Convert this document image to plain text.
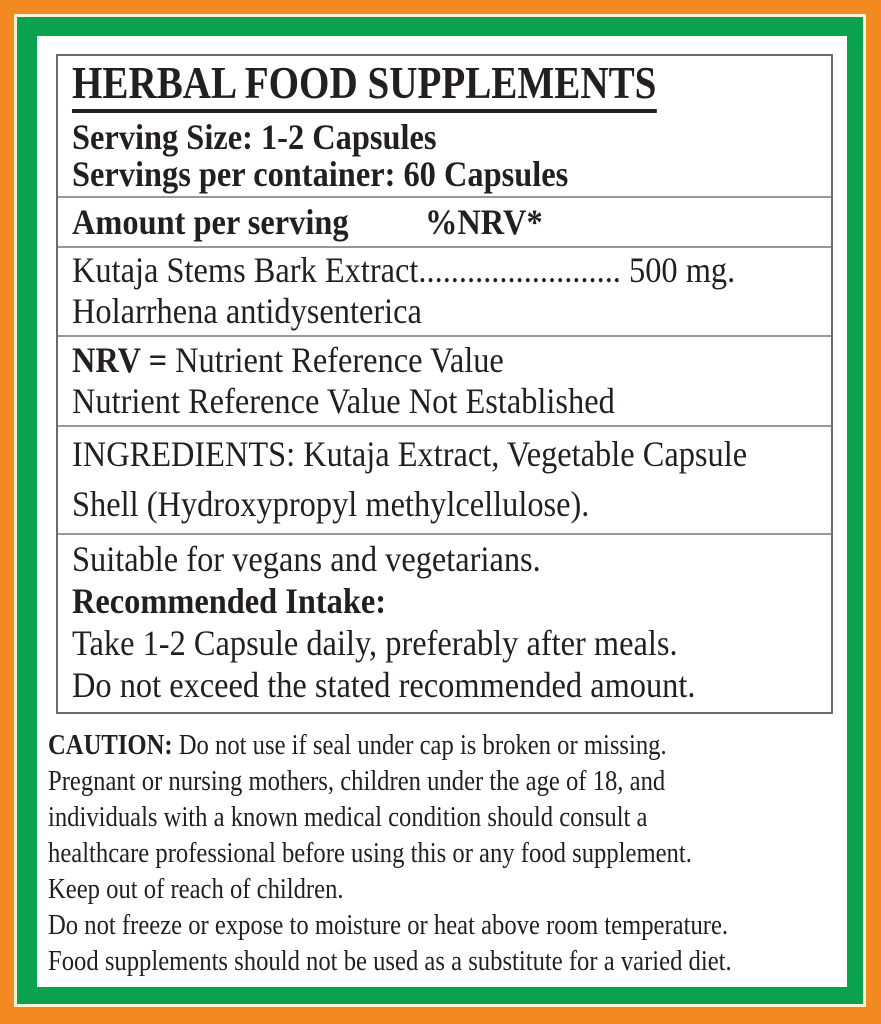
HERBAL FOOD SUPPLEMENTS
Serving Size: 1-2 Capsules
Servings per container: 60 Capsules
Amount per serving %NRV*
Kutaja Stems Bark Extract......................... 500 mg.
Holarrhena antidysenterica
NRV = Nutrient Reference Value
Nutrient Reference Value Not Established
INGREDIENTS: Kutaja Extract, Vegetable Capsule
Shell (Hydroxypropyl methylcellulose).
Suitable for vegans and vegetarians.
Recommended Intake:
Take 1-2 Capsule daily, preferably after meals.
Do not exceed the stated recommended amount.
CAUTION: Do not use if seal under cap is broken or missing.
Pregnant or nursing mothers, children under the age of 18, and
individuals with a known medical condition should consult a
healthcare professional before using this or any food supplement.
Keep out of reach of children.
Do not freeze or expose to moisture or heat above room temperature.
Food supplements should not be used as a substitute for a varied diet.
